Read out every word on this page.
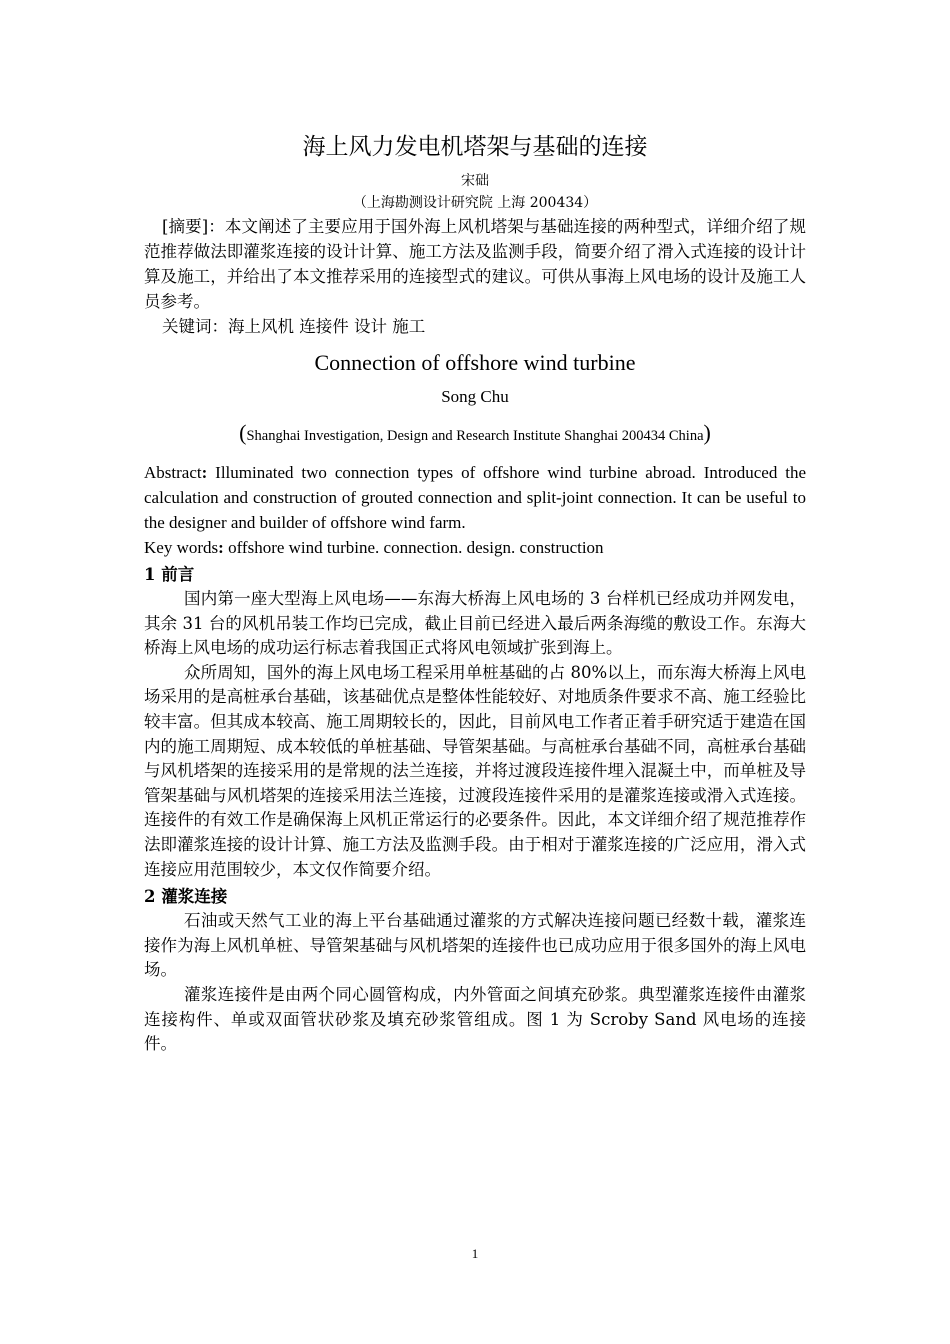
海上风力发电机塔架与基础的连接
宋础
（上海勘测设计研究院 上海 200434）
[摘要]：本文阐述了主要应用于国外海上风机塔架与基础连接的两种型式，详细介绍了规范推荐做法即灌浆连接的设计计算、施工方法及监测手段，简要介绍了滑入式连接的设计计算及施工，并给出了本文推荐采用的连接型式的建议。可供从事海上风电场的设计及施工人员参考。
关键词：海上风机 连接件 设计 施工
Connection of offshore wind turbine
Song Chu
(Shanghai Investigation, Design and Research Institute Shanghai 200434 China)
Abstract: Illuminated two connection types of offshore wind turbine abroad. Introduced the calculation and construction of grouted connection and split-joint connection. It can be useful to the designer and builder of offshore wind farm.
Key words: offshore wind turbine. connection. design. construction
1 前言
国内第一座大型海上风电场——东海大桥海上风电场的 3 台样机已经成功并网发电，其余 31 台的风机吊装工作均已完成，截止目前已经进入最后两条海缆的敷设工作。东海大桥海上风电场的成功运行标志着我国正式将风电领域扩张到海上。
众所周知，国外的海上风电场工程采用单桩基础的占 80%以上，而东海大桥海上风电场采用的是高桩承台基础，该基础优点是整体性能较好、对地质条件要求不高、施工经验比较丰富。但其成本较高、施工周期较长的，因此，目前风电工作者正着手研究适于建造在国内的施工周期短、成本较低的单桩基础、导管架基础。与高桩承台基础不同，高桩承台基础与风机塔架的连接采用的是常规的法兰连接，并将过渡段连接件埋入混凝土中，而单桩及导管架基础与风机塔架的连接采用法兰连接，过渡段连接件采用的是灌浆连接或滑入式连接。连接件的有效工作是确保海上风机正常运行的必要条件。因此，本文详细介绍了规范推荐作法即灌浆连接的设计计算、施工方法及监测手段。由于相对于灌浆连接的广泛应用，滑入式连接应用范围较少，本文仅作简要介绍。
2 灌浆连接
石油或天然气工业的海上平台基础通过灌浆的方式解决连接问题已经数十载，灌浆连接作为海上风机单桩、导管架基础与风机塔架的连接件也已成功应用于很多国外的海上风电场。
灌浆连接件是由两个同心圆管构成，内外管面之间填充砂浆。典型灌浆连接件由灌浆连接构件、单或双面管状砂浆及填充砂浆管组成。图 1 为 Scroby Sand 风电场的连接件。
1
